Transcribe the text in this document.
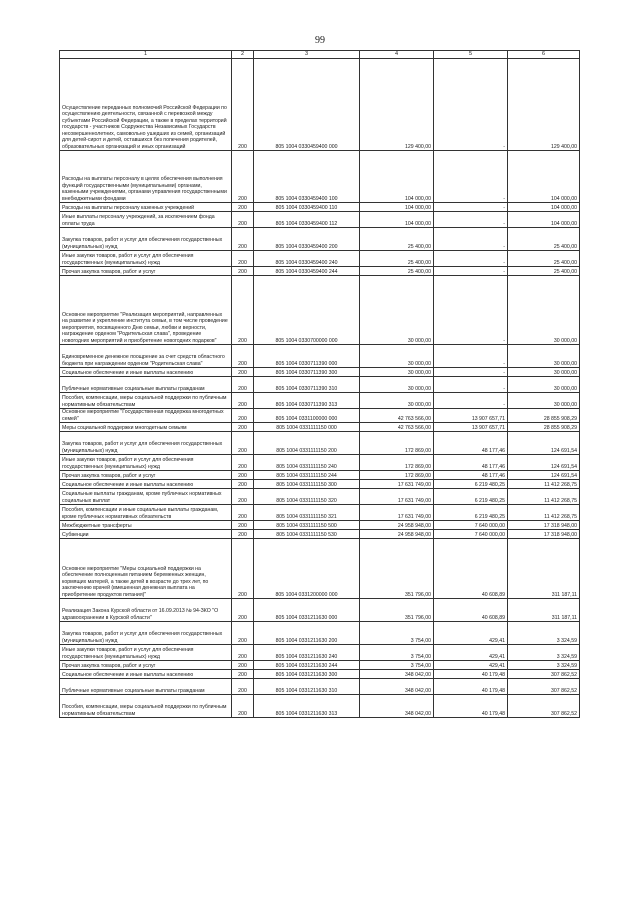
99
1	2	3	4	5	6
Осуществление переданных полномочий Российской Федерации по осуществлению деятельности, связанной с перевозкой между субъектами Российской Федерации, а также в пределах территорий государств - участников Содружества Независимых Государств несовершеннолетних, самовольно ушедших из семей, организаций для детей-сирот и детей, оставшихся без попечения родителей, образовательных организаций и иных организаций	200	805 1004 0330459400 000	129 400,00	-	129 400,00
Расходы на выплаты персоналу в целях обеспечения выполнения функций государственными (муниципальными) органами, казенными учреждениями, органами управления государственными внебюджетными фондами	200	805 1004 0330459400 100	104 000,00	-	104 000,00
Расходы на выплаты персоналу казенных учреждений	200	805 1004 0330459400 110	104 000,00	-	104 000,00
Иные выплаты персоналу учреждений, за исключением фонда оплаты труда	200	805 1004 0330459400 112	104 000,00	-	104 000,00
Закупка товаров, работ и услуг для обеспечения государственных (муниципальных) нужд	200	805 1004 0330459400 200	25 400,00	-	25 400,00
Иные закупки товаров, работ и услуг для обеспечения государственных (муниципальных) нужд	200	805 1004 0330459400 240	25 400,00	-	25 400,00
Прочая закупка товаров, работ и услуг	200	805 1004 0330459400 244	25 400,00	-	25 400,00
Основное мероприятие "Реализация мероприятий, направленных на развитие и укрепление института семьи, в том числе проведение мероприятия, посвященного Дню семьи, любви и верности, награждение орденом "Родительская слава", проведение новогодних мероприятий и приобретение новогодних подарков"	200	805 1004 0330700000 000	30 000,00	-	30 000,00
Единовременное денежное поощрение за счет средств областного бюджета при награждении орденом "Родительская слава"	200	805 1004 0330711390 000	30 000,00	-	30 000,00
Социальное обеспечение и иные выплаты населению	200	805 1004 0330711390 300	30 000,00	-	30 000,00
Публичные нормативные социальные выплаты гражданам	200	805 1004 0330711390 310	30 000,00	-	30 000,00
Пособия, компенсации, меры социальной поддержки по публичным нормативным обязательствам	200	805 1004 0330711390 313	30 000,00	-	30 000,00
Основное мероприятие "Государственная поддержка многодетных семей"	200	805 1004 0331100000 000	42 763 566,00	13 907 657,71	28 855 908,29
Меры социальной поддержки многодетным семьям	200	805 1004 0331111150 000	42 763 566,00	13 907 657,71	28 855 908,29
Закупка товаров, работ и услуг для обеспечения государственных (муниципальных) нужд	200	805 1004 0331111150 200	172 869,00	48 177,46	124 691,54
Иные закупки товаров, работ и услуг для обеспечения государственных (муниципальных) нужд	200	805 1004 0331111150 240	172 869,00	48 177,46	124 691,54
Прочая закупка товаров, работ и услуг	200	805 1004 0331111150 244	172 869,00	48 177,46	124 691,54
Социальное обеспечение и иные выплаты населению	200	805 1004 0331111150 300	17 631 749,00	6 219 480,25	11 412 268,75
Социальные выплаты гражданам, кроме публичных нормативных социальных выплат	200	805 1004 0331111150 320	17 631 749,00	6 219 480,25	11 412 268,75
Пособия, компенсации и иные социальные выплаты гражданам, кроме публичных нормативных обязательств	200	805 1004 0331111150 321	17 631 749,00	6 219 480,25	11 412 268,75
Межбюджетные трансферты	200	805 1004 0331111150 500	24 958 948,00	7 640 000,00	17 318 948,00
Субвенции	200	805 1004 0331111150 530	24 958 948,00	7 640 000,00	17 318 948,00
Основное мероприятие "Меры социальной поддержки на обеспечение полноценным питанием беременных женщин, кормящих матерей, а также детей в возрасте до трех лет, по заключению врачей (вмешенная денежная выплата на приобретение продуктов питания)"	200	805 1004 0331200000 000	351 796,00	40 608,89	311 187,11
Реализация Закона Курской области от 16.09.2013 № 94-ЗКО "О здравоохранении в Курской области"	200	805 1004 0331211630 000	351 796,00	40 608,89	311 187,11
Закупка товаров, работ и услуг для обеспечения государственных (муниципальных) нужд	200	805 1004 0331211630 200	3 754,00	429,41	3 324,59
Иные закупки товаров, работ и услуг для обеспечения государственных (муниципальных) нужд	200	805 1004 0331211630 240	3 754,00	429,41	3 324,59
Прочая закупка товаров, работ и услуг	200	805 1004 0331211630 244	3 754,00	429,41	3 324,59
Социальное обеспечение и иные выплаты населению	200	805 1004 0331211630 300	348 042,00	40 179,48	307 862,52
Публичные нормативные социальные выплаты гражданам	200	805 1004 0331211630 310	348 042,00	40 179,48	307 862,52
Пособия, компенсации, меры социальной поддержки по публичным нормативным обязательствам	200	805 1004 0331211630 313	348 042,00	40 179,48	307 862,52
